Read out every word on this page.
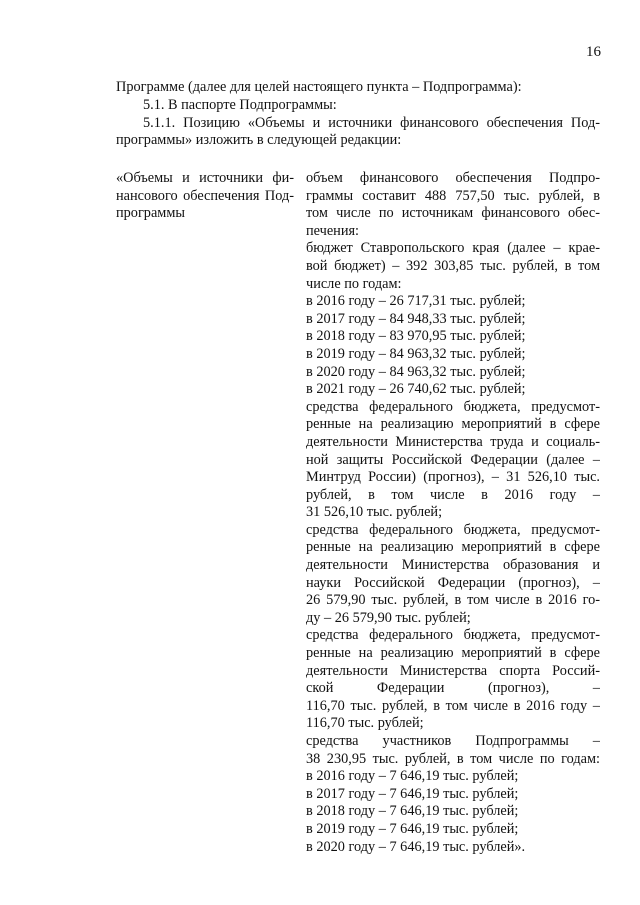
16
Программе (далее для целей настоящего пункта – Подпрограмма):
5.1. В паспорте Подпрограммы:
5.1.1. Позицию «Объемы и источники финансового обеспечения Под-
программы» изложить в следующей редакции:
«Объемы и источники фи-
нансового обеспечения Под-
программы
объем финансового обеспечения Подпро-
граммы составит 488 757,50 тыс. рублей, в
том числе по источникам финансового обес-
печения:
бюджет Ставропольского края (далее – крае-
вой бюджет) – 392 303,85 тыс. рублей, в том
числе по годам:
в 2016 году – 26 717,31 тыс. рублей;
в 2017 году – 84 948,33 тыс. рублей;
в 2018 году – 83 970,95 тыс. рублей;
в 2019 году – 84 963,32 тыс. рублей;
в 2020 году – 84 963,32 тыс. рублей;
в 2021 году – 26 740,62 тыс. рублей;
средства федерального бюджета, предусмот-
ренные на реализацию мероприятий в сфере
деятельности Министерства труда и социаль-
ной защиты Российской Федерации (далее –
Минтруд России) (прогноз), – 31 526,10 тыс.
рублей, в том числе в 2016 году –
31 526,10 тыс. рублей;
средства федерального бюджета, предусмот-
ренные на реализацию мероприятий в сфере
деятельности Министерства образования и
науки Российской Федерации (прогноз), –
26 579,90 тыс. рублей, в том числе в 2016 го-
ду – 26 579,90 тыс. рублей;
средства федерального бюджета, предусмот-
ренные на реализацию мероприятий в сфере
деятельности Министерства спорта Россий-
ской Федерации (прогноз), –
116,70 тыс. рублей, в том числе в 2016 году –
116,70 тыс. рублей;
средства участников Подпрограммы –
38 230,95 тыс. рублей, в том числе по годам:
в 2016 году – 7 646,19 тыс. рублей;
в 2017 году – 7 646,19 тыс. рублей;
в 2018 году – 7 646,19 тыс. рублей;
в 2019 году – 7 646,19 тыс. рублей;
в 2020 году – 7 646,19 тыс. рублей».
